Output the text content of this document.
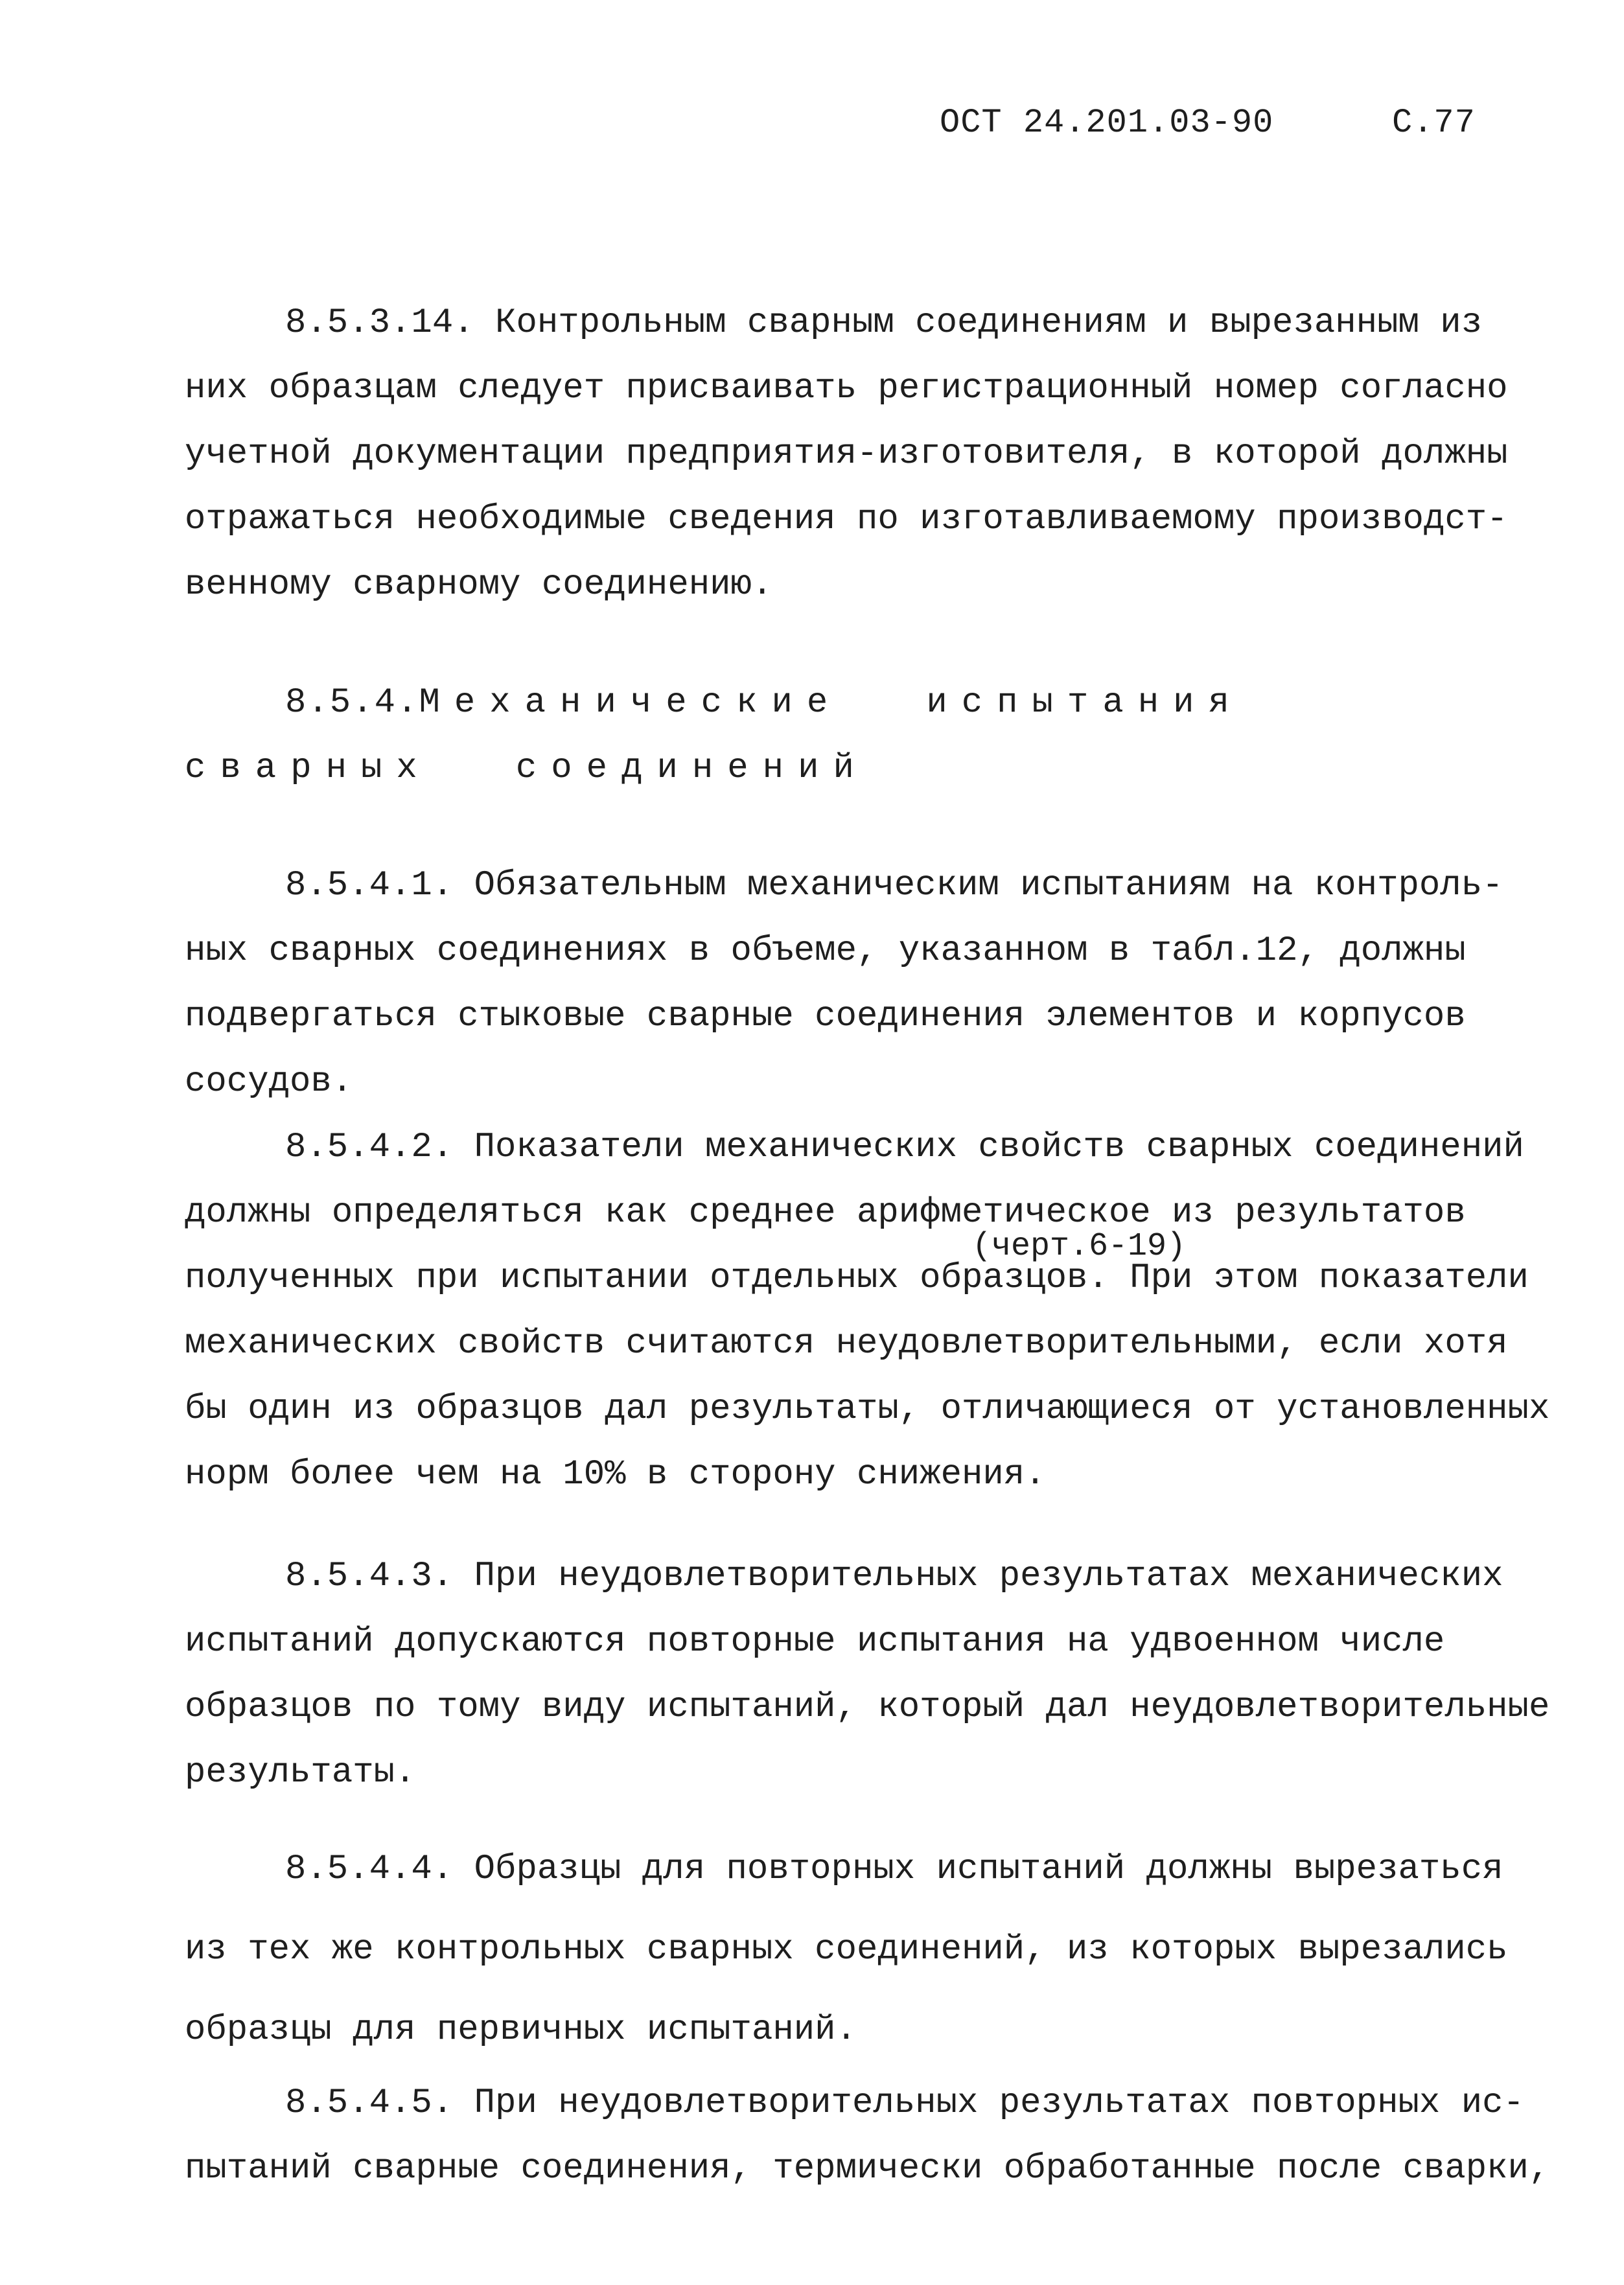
ОСТ 24.201.03-90	С.77
8.5.3.14. Контрольным сварным соединениям и вырезанным из
них образцам следует присваивать регистрационный номер согласно
учетной документации предприятия-изготовителя, в которой должны
отражаться необходимые сведения по изготавливаемому производст-
венному сварному соединению.
8.5.4.Механические испытания
сварных соединений
8.5.4.1. Обязательным механическим испытаниям на контроль-
ных сварных соединениях в объеме, указанном в табл.12, должны
подвергаться стыковые сварные соединения элементов и корпусов
сосудов.
8.5.4.2. Показатели механических свойств сварных соединений
должны определяться как среднее арифметическое из результатов
(черт.6-19)
полученных при испытании отдельных образцов. При этом показатели
механических свойств считаются неудовлетворительными, если хотя
бы один из образцов дал результаты, отличающиеся от установленных
норм более чем на 10% в сторону снижения.
8.5.4.3. При неудовлетворительных результатах механических
испытаний допускаются повторные испытания на удвоенном числе
образцов по тому виду испытаний, который дал неудовлетворительные
результаты.
8.5.4.4. Образцы для повторных испытаний должны вырезаться
из тех же контрольных сварных соединений, из которых вырезались
образцы для первичных испытаний.
8.5.4.5. При неудовлетворительных результатах повторных ис-
пытаний сварные соединения, термически обработанные после сварки,
